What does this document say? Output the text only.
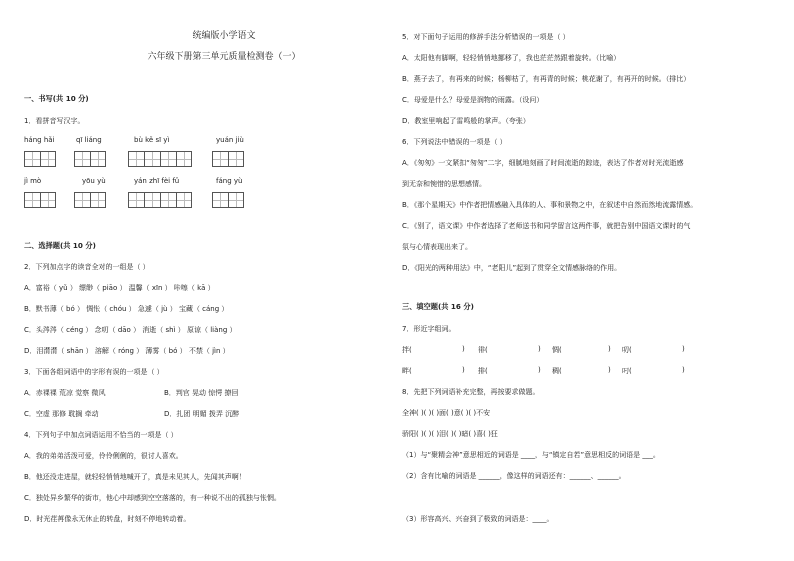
统编版小学语文
六年级下册第三单元质量检测卷（一）
一、书写(共 10 分)
1．看拼音写汉字。
hánɡ hǎi	qī liánɡ	bù kě sī yì	yuán jiù
jì mò	yōu yù	yán zhī fèi fǔ	fánɡ yù
二、选择题(共 10 分)
2．下列加点字的读音全对的一组是（ ）
A．富裕（ yǔ ） 缥缈（ piāo ） 温馨（ xīn ） 咔嚓（ kā ）
B．默书薄（ bó ） 惆怅（ chóu ） 急遽（ jù ） 宝藏（ cáng ）
C．头涔涔（ céng ） 念叨（ dāo ） 消逝（ shì ） 原谅（ liàng ）
D．泪潸潸（ shān ） 溶解（ róng ） 薄雾（ bó ） 不禁（ jìn ）
3．下面各组词语中的字形有误的一项是（ ）
A．赤裸裸 荒凉 觉察 微风	B．判官 晃动 惊愕 撩回
C．空虚 那修 耽搁 牵动	D．扎团 明媚 拨弄 沉醉
4．下列句子中加点词语运用不恰当的一项是（ ）
A．我的弟弟活泼可爱，伶伶俐俐的，很讨人喜欢。
B．他还没走进屋，就轻轻悄悄地喊开了，真是未见其人，先闻其声啊！
C．独处异乡繁华的街市，他心中却感到空空落落的，有一种说不出的孤独与怅惘。
D．时光荏苒像永无休止的转盘，时刻不停地转动着。
5．对下面句子运用的修辞手法分析错误的一项是（ ）
A．太阳他有脚啊，轻轻悄悄地挪移了，我也茫茫然跟着旋转。（比喻）
B．燕子去了，有再来的时候；杨柳枯了，有再青的时候；桃花谢了，有再开的时候。（排比）
C．母爱是什么？母爱是润物的雨露。（设问）
D．教室里响起了雷鸣般的掌声。（夸张）
6．下列说法中错误的一项是（ ）
A．《匆匆》一文紧扣“匆匆”二字，细腻地刻画了时间流逝的踪迹，表达了作者对时光流逝感
到无奈和惋惜的思想感情。
B．《那个星期天》中作者把情感融入具体的人、事和景物之中，在叙述中自然而然地流露情感。
C．《别了，语文课》中作者选择了老师送书和同学留言这两件事，就把告别中国语文课时的气
氛与心情表现出来了。
D．《阳光的两种用法》中，“老阳儿”起到了贯穿全文情感脉络的作用。
三、填空题(共 16 分)
7．形近字组词。
拌(	) 徘(	) 惆(	) 叨(	)
畔(	) 排(	) 稠(	) 叼(	)
8．先把下列词语补充完整，再按要求做题。
全神( )( )( )面( )意( )( )不安
骄阳( )( )( )泪( )( )暗( )喜( )狂
（1）与“聚精会神”意思相近的词语是 ____，与“镇定自若”意思相反的词语是 ___。
（2）含有比喻的词语是 ______，像这样的词语还有：______、______。
（3）形容高兴、兴奋到了极致的词语是：____。
